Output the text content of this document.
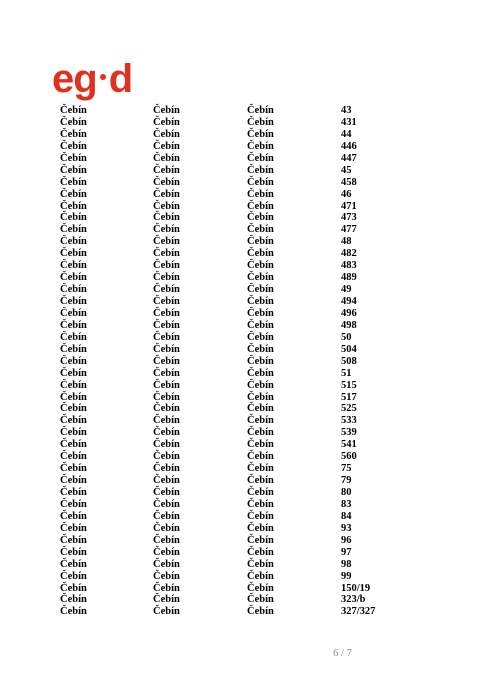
eg d
Čebín	Čebín	Čebín	43
Čebín	Čebín	Čebín	431
Čebín	Čebín	Čebín	44
Čebín	Čebín	Čebín	446
Čebín	Čebín	Čebín	447
Čebín	Čebín	Čebín	45
Čebín	Čebín	Čebín	458
Čebín	Čebín	Čebín	46
Čebín	Čebín	Čebín	471
Čebín	Čebín	Čebín	473
Čebín	Čebín	Čebín	477
Čebín	Čebín	Čebín	48
Čebín	Čebín	Čebín	482
Čebín	Čebín	Čebín	483
Čebín	Čebín	Čebín	489
Čebín	Čebín	Čebín	49
Čebín	Čebín	Čebín	494
Čebín	Čebín	Čebín	496
Čebín	Čebín	Čebín	498
Čebín	Čebín	Čebín	50
Čebín	Čebín	Čebín	504
Čebín	Čebín	Čebín	508
Čebín	Čebín	Čebín	51
Čebín	Čebín	Čebín	515
Čebín	Čebín	Čebín	517
Čebín	Čebín	Čebín	525
Čebín	Čebín	Čebín	533
Čebín	Čebín	Čebín	539
Čebín	Čebín	Čebín	541
Čebín	Čebín	Čebín	560
Čebín	Čebín	Čebín	75
Čebín	Čebín	Čebín	79
Čebín	Čebín	Čebín	80
Čebín	Čebín	Čebín	83
Čebín	Čebín	Čebín	84
Čebín	Čebín	Čebín	93
Čebín	Čebín	Čebín	96
Čebín	Čebín	Čebín	97
Čebín	Čebín	Čebín	98
Čebín	Čebín	Čebín	99
Čebín	Čebín	Čebín	150/19
Čebín	Čebín	Čebín	323/b
Čebín	Čebín	Čebín	327/327
6 / 7
